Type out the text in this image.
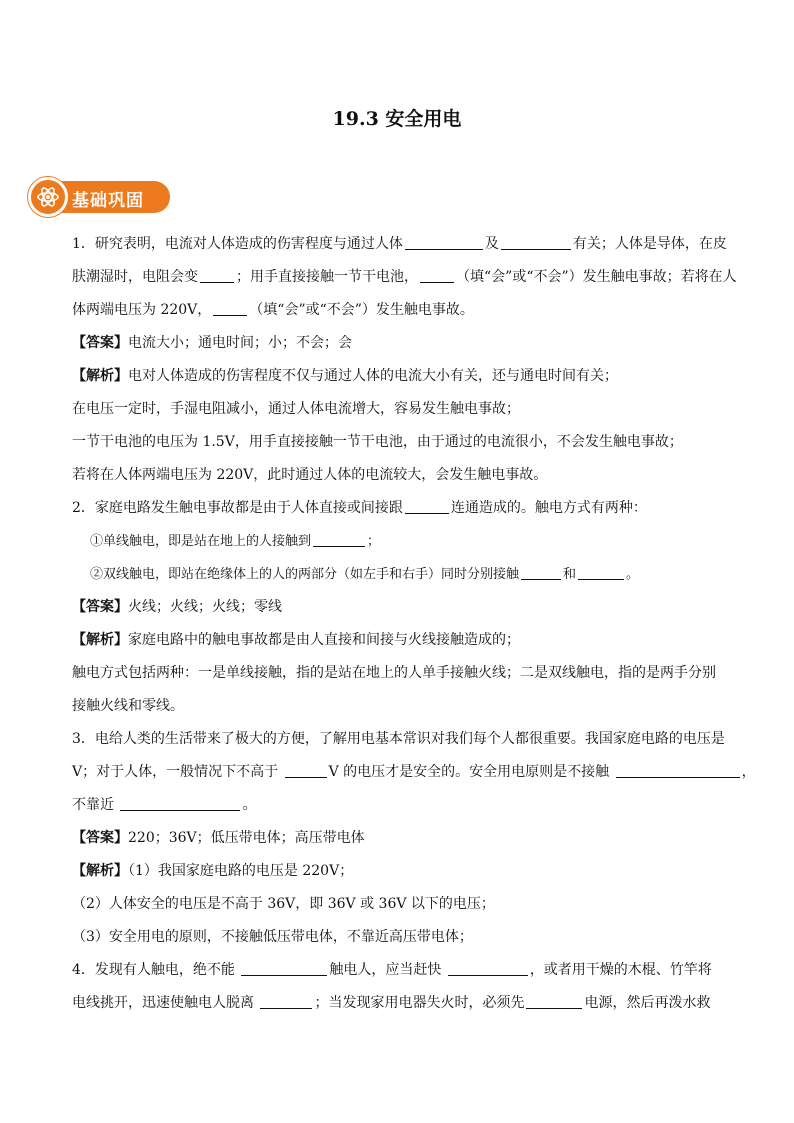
19.3 安全用电
基础巩固
1．研究表明，电流对人体造成的伤害程度与通过人体	及	有关；人体是导体，在皮
肤潮湿时，电阻会变	；用手直接接触一节干电池，	（填“会”或“不会”）发生触电事故；若将在人
体两端电压为 220V，	（填“会”或“不会”）发生触电事故。
【答案】电流大小；通电时间；小；不会；会
【解析】电对人体造成的伤害程度不仅与通过人体的电流大小有关，还与通电时间有关；
在电压一定时，手湿电阻减小，通过人体电流增大，容易发生触电事故；
一节干电池的电压为 1.5V，用手直接接触一节干电池，由于通过的电流很小，不会发生触电事故；
若将在人体两端电压为 220V，此时通过人体的电流较大，会发生触电事故。
2．家庭电路发生触电事故都是由于人体直接或间接跟	连通造成的。触电方式有两种：
①单线触电，即是站在地上的人接触到	；
②双线触电，即站在绝缘体上的人的两部分（如左手和右手）同时分别接触	和	。
【答案】火线；火线；火线；零线
【解析】家庭电路中的触电事故都是由人直接和间接与火线接触造成的；
触电方式包括两种：一是单线接触，指的是站在地上的人单手接触火线；二是双线触电，指的是两手分别
接触火线和零线。
3．电给人类的生活带来了极大的方便，了解用电基本常识对我们每个人都很重要。我国家庭电路的电压是
V；对于人体，一般情况下不高于	V 的电压才是安全的。安全用电原则是不接触	，
不靠近	。
【答案】220；36V；低压带电体；高压带电体
【解析】（1）我国家庭电路的电压是 220V；
（2）人体安全的电压是不高于 36V，即 36V 或 36V 以下的电压；
（3）安全用电的原则，不接触低压带电体，不靠近高压带电体；
4．发现有人触电，绝不能	触电人，应当赶快	，或者用干燥的木棍、竹竿将
电线挑开，迅速使触电人脱离	；当发现家用电器失火时，必须先	电源，然后再泼水救
